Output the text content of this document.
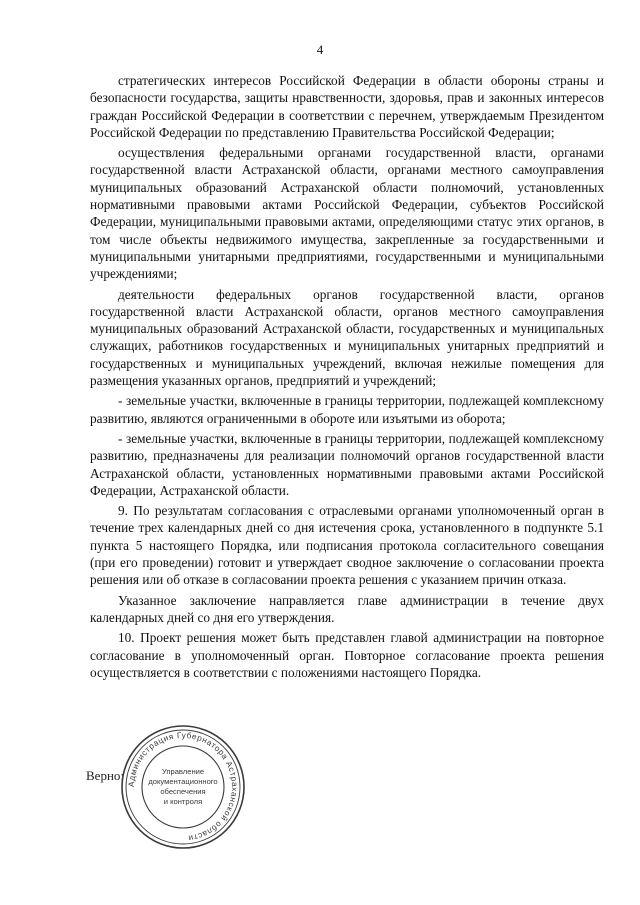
4

стратегических интересов Российской Федерации в области обороны страны и безопасности государства, защиты нравственности, здоровья, прав и законных интересов граждан Российской Федерации в соответствии с перечнем, утверждаемым Президентом Российской Федерации по представлению Правительства Российской Федерации;

осуществления федеральными органами государственной власти, органами государственной власти Астраханской области, органами местного самоуправления муниципальных образований Астраханской области полномочий, установленных нормативными правовыми актами Российской Федерации, субъектов Российской Федерации, муниципальными правовыми актами, определяющими статус этих органов, в том числе объекты недвижимого имущества, закрепленные за государственными и муниципальными унитарными предприятиями, государственными и муниципальными учреждениями;

деятельности федеральных органов государственной власти, органов государственной власти Астраханской области, органов местного самоуправления муниципальных образований Астраханской области, государственных и муниципальных служащих, работников государственных и муниципальных унитарных предприятий и государственных и муниципальных учреждений, включая нежилые помещения для размещения указанных органов, предприятий и учреждений;

- земельные участки, включенные в границы территории, подлежащей комплексному развитию, являются ограниченными в обороте или изъятыми из оборота;

- земельные участки, включенные в границы территории, подлежащей комплексному развитию, предназначены для реализации полномочий органов государственной власти Астраханской области, установленных нормативными правовыми актами Российской Федерации, Астраханской области.

9. По результатам согласования с отраслевыми органами уполномоченный орган в течение трех календарных дней со дня истечения срока, установленного в подпункте 5.1 пункта 5 настоящего Порядка, или подписания протокола согласительного совещания (при его проведении) готовит и утверждает сводное заключение о согласовании проекта решения или об отказе в согласовании проекта решения с указанием причин отказа.

Указанное заключение направляется главе администрации в течение двух календарных дней со дня его утверждения.

10. Проект решения может быть представлен главой администрации на повторное согласование в уполномоченный орган. Повторное согласование проекта решения осуществляется в соответствии с положениями настоящего Порядка.

Верно:
Администрация Губернатора Астраханской области
Управление
документационного
обеспечения
и контроля
